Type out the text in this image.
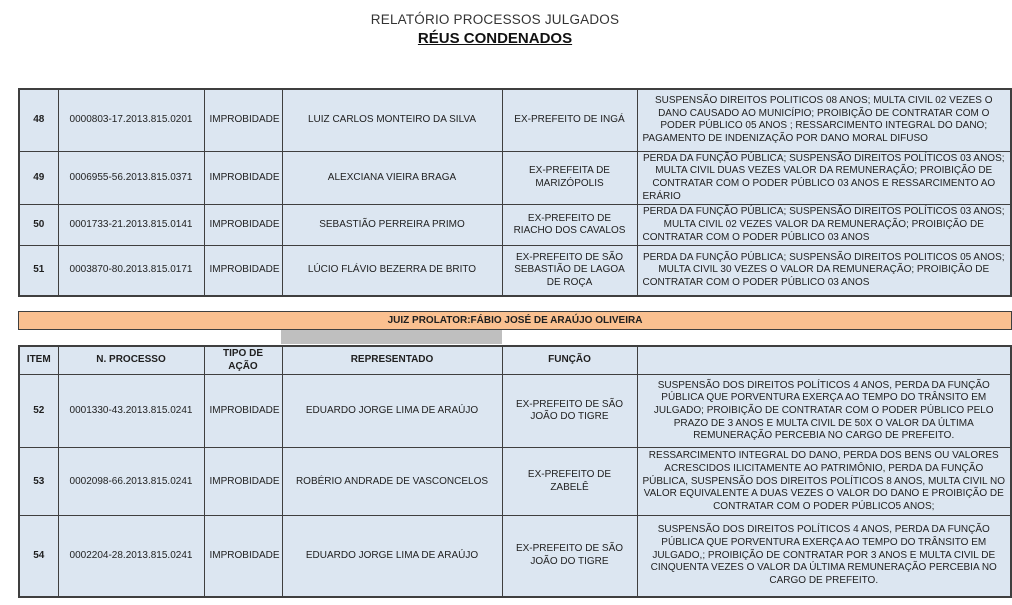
RELATÓRIO PROCESSOS JULGADOS
RÉUS CONDENADOS
48	0000803-17.2013.815.0201	IMPROBIDADE	LUIZ CARLOS MONTEIRO DA SILVA	EX-PREFEITO DE INGÁ	SUSPENSÃO DIREITOS POLITICOS 08 ANOS; MULTA CIVIL 02 VEZES O DANO CAUSADO AO MUNICÍPIO; PROIBIÇÃO DE CONTRATAR COM O PODER PÚBLICO 05 ANOS ; RESSARCIMENTO INTEGRAL DO DANO; PAGAMENTO DE INDENIZAÇÃO POR DANO MORAL DIFUSO
49	0006955-56.2013.815.0371	IMPROBIDADE	ALEXCIANA VIEIRA BRAGA	EX-PREFEITA DE MARIZÓPOLIS	PERDA DA FUNÇÃO PÚBLICA; SUSPENSÃO DIREITOS POLÍTICOS 03 ANOS; MULTA CIVIL DUAS VEZES VALOR DA REMUNERAÇÃO; PROIBIÇÃO DE CONTRATAR COM O PODER PÚBLICO 03 ANOS E RESSARCIMENTO AO ERÁRIO
50	0001733-21.2013.815.0141	IMPROBIDADE	SEBASTIÃO PERREIRA PRIMO	EX-PREFEITO DE RIACHO DOS CAVALOS	PERDA DA FUNÇÃO PÚBLICA; SUSPENSÃO DIREITOS POLÍTICOS 03 ANOS; MULTA CIVIL 02 VEZES VALOR DA REMUNERAÇÃO; PROIBIÇÃO DE CONTRATAR COM O PODER PÚBLICO 03 ANOS
51	0003870-80.2013.815.0171	IMPROBIDADE	LÚCIO FLÁVIO BEZERRA DE BRITO	EX-PREFEITO DE SÃO SEBASTIÃO DE LAGOA DE ROÇA	PERDA DA FUNÇÃO PÚBLICA; SUSPENSÃO DIREITOS POLITICOS 05 ANOS; MULTA CIVIL 30 VEZES O VALOR DA REMUNERAÇÃO; PROIBIÇÃO DE CONTRATAR COM O PODER PÚBLICO 03 ANOS
JUIZ PROLATOR:FÁBIO JOSÉ DE ARAÚJO OLIVEIRA
ITEM	N. PROCESSO	TIPO DE AÇÃO	REPRESENTADO	FUNÇÃO	
52	0001330-43.2013.815.0241	IMPROBIDADE	EDUARDO JORGE LIMA DE ARAÚJO	EX-PREFEITO DE SÃO JOÃO DO TIGRE	SUSPENSÃO DOS DIREITOS POLÍTICOS 4 ANOS, PERDA DA FUNÇÃO PÚBLICA QUE PORVENTURA EXERÇA AO TEMPO DO TRÂNSITO EM JULGADO; PROIBIÇÃO DE CONTRATAR COM O PODER PÚBLICO PELO PRAZO DE 3 ANOS E MULTA CIVIL DE 50X O VALOR DA ÚLTIMA REMUNERAÇÃO PERCEBIA NO CARGO DE PREFEITO.
53	0002098-66.2013.815.0241	IMPROBIDADE	ROBÉRIO ANDRADE DE VASCONCELOS	EX-PREFEITO DE ZABELÊ	RESSARCIMENTO INTEGRAL DO DANO, PERDA DOS BENS OU VALORES ACRESCIDOS ILICITAMENTE AO PATRIMÔNIO, PERDA DA FUNÇÃO PÚBLICA, SUSPENSÃO DOS DIREITOS POLÍTICOS 8 ANOS, MULTA CIVIL NO VALOR EQUIVALENTE A DUAS VEZES O VALOR DO DANO E PROIBIÇÃO DE CONTRATAR COM O PODER PÚBLICO5 ANOS;
54	0002204-28.2013.815.0241	IMPROBIDADE	EDUARDO JORGE LIMA DE ARAÚJO	EX-PREFEITO DE SÃO JOÃO DO TIGRE	SUSPENSÃO DOS DIREITOS POLÍTICOS 4 ANOS, PERDA DA FUNÇÃO PÚBLICA QUE PORVENTURA EXERÇA AO TEMPO DO TRÂNSITO EM JULGADO,; PROIBIÇÃO DE CONTRATAR POR 3 ANOS E MULTA CIVIL DE CINQUENTA VEZES O VALOR DA ÚLTIMA REMUNERAÇÃO PERCEBIA NO CARGO DE PREFEITO.
